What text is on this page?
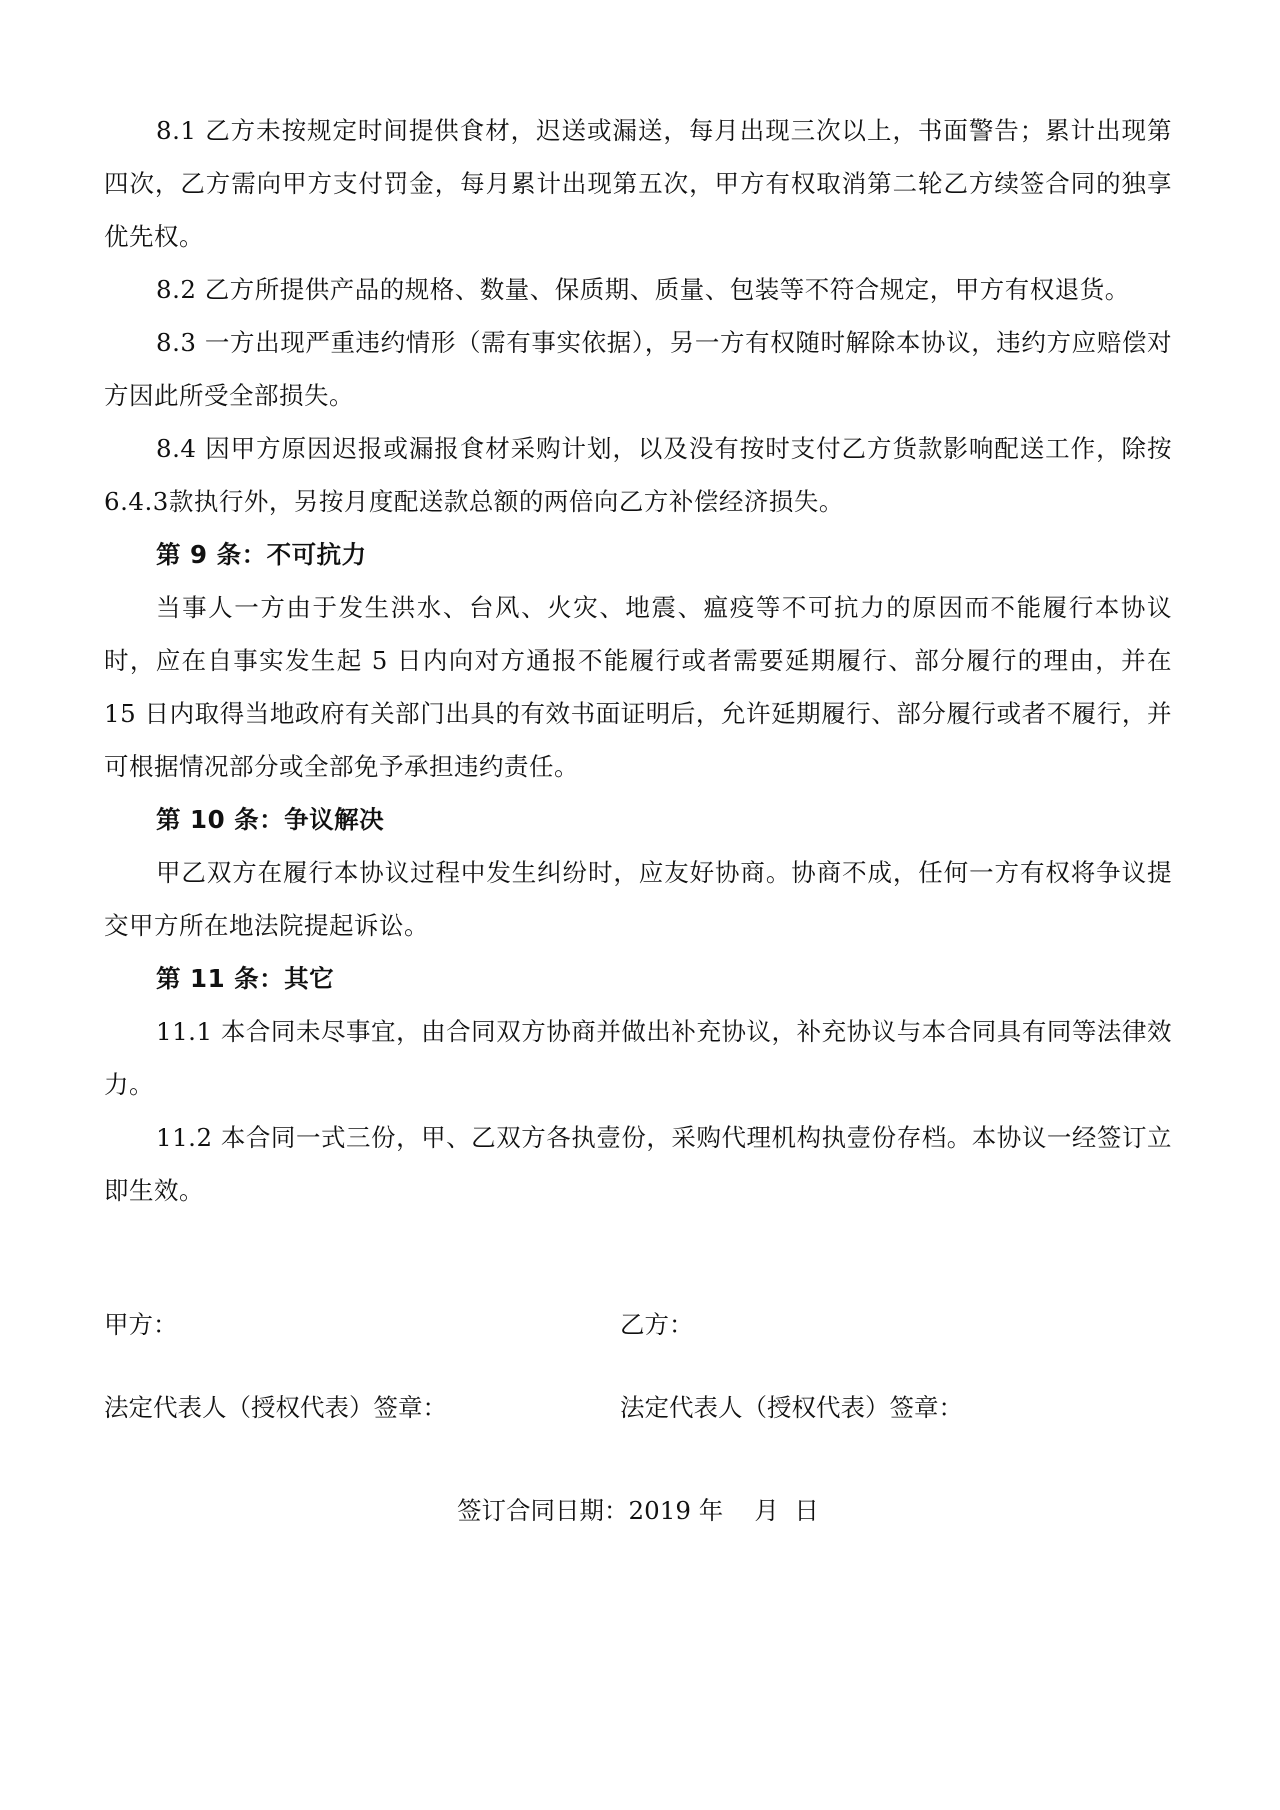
8.1 乙方未按规定时间提供食材，迟送或漏送，每月出现三次以上，书面警告；累计出现第四次，乙方需向甲方支付罚金，每月累计出现第五次，甲方有权取消第二轮乙方续签合同的独享优先权。

8.2 乙方所提供产品的规格、数量、保质期、质量、包装等不符合规定，甲方有权退货。

8.3 一方出现严重违约情形（需有事实依据），另一方有权随时解除本协议，违约方应赔偿对方因此所受全部损失。

8.4 因甲方原因迟报或漏报食材采购计划，以及没有按时支付乙方货款影响配送工作，除按6.4.3款执行外，另按月度配送款总额的两倍向乙方补偿经济损失。

第 9 条：不可抗力

当事人一方由于发生洪水、台风、火灾、地震、瘟疫等不可抗力的原因而不能履行本协议时，应在自事实发生起 5 日内向对方通报不能履行或者需要延期履行、部分履行的理由，并在 15 日内取得当地政府有关部门出具的有效书面证明后，允许延期履行、部分履行或者不履行，并可根据情况部分或全部免予承担违约责任。

第 10 条：争议解决

甲乙双方在履行本协议过程中发生纠纷时，应友好协商。协商不成，任何一方有权将争议提交甲方所在地法院提起诉讼。

第 11 条：其它

11.1 本合同未尽事宜，由合同双方协商并做出补充协议，补充协议与本合同具有同等法律效力。

11.2 本合同一式三份，甲、乙双方各执壹份，采购代理机构执壹份存档。本协议一经签订立即生效。

甲方：	乙方：
法定代表人（授权代表）签章：	法定代表人（授权代表）签章：
签订合同日期：2019 年    月  日
